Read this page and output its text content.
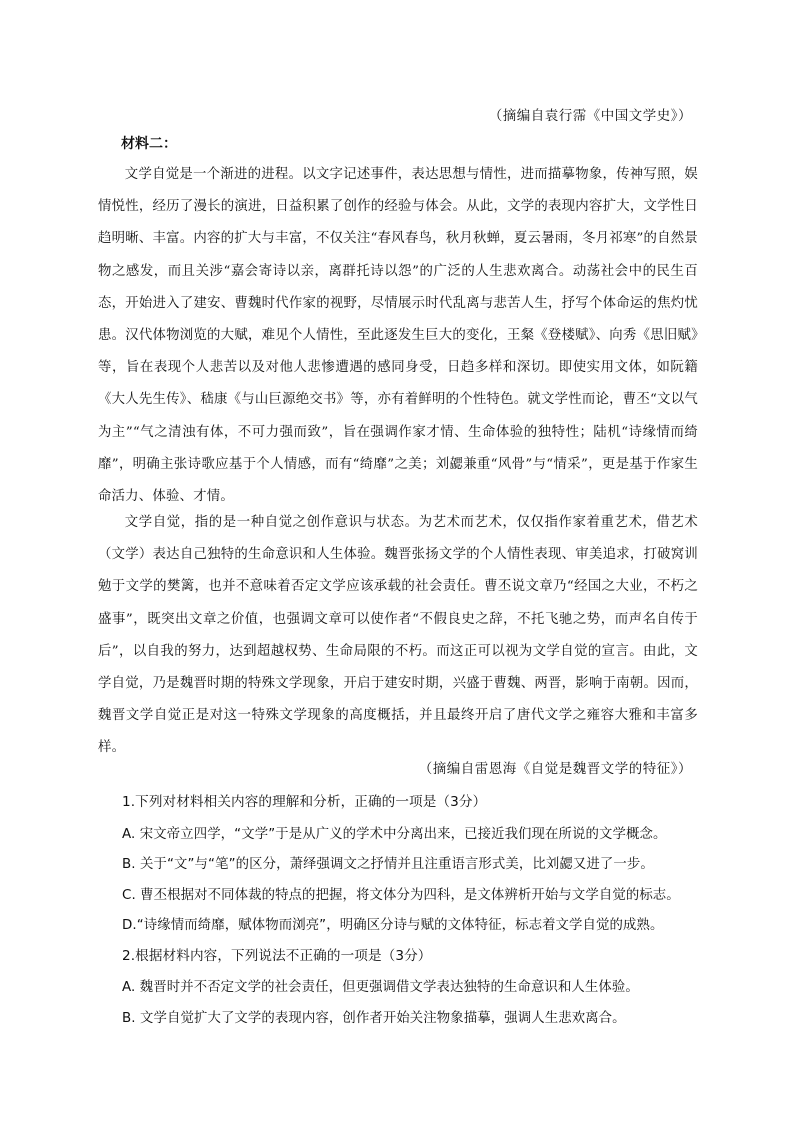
（摘编自袁行霈《中国文学史》）
材料二：

文学自觉是一个渐进的进程。以文字记述事件，表达思想与情性，进而描摹物象，传神写照，娱情悦性，经历了漫长的演进，日益积累了创作的经验与体会。从此，文学的表现内容扩大，文学性日趋明晰、丰富。内容的扩大与丰富，不仅关注“春风春鸟，秋月秋蝉，夏云暑雨，冬月祁寒”的自然景物之感发，而且关涉“嘉会寄诗以亲，离群托诗以怨”的广泛的人生悲欢离合。动荡社会中的民生百态，开始进入了建安、曹魏时代作家的视野，尽情展示时代乱离与悲苦人生，抒写个体命运的焦灼忧患。汉代体物浏览的大赋，难见个人情性，至此逐发生巨大的变化，王粲《登楼赋》、向秀《思旧赋》等，旨在表现个人悲苦以及对他人悲惨遭遇的感同身受，日趋多样和深切。即使实用文体，如阮籍《大人先生传》、嵇康《与山巨源绝交书》等，亦有着鲜明的个性特色。就文学性而论，曹丕“文以气为主”“气之清浊有体，不可力强而致”，旨在强调作家才情、生命体验的独特性；陆机“诗缘情而绮靡”，明确主张诗歌应基于个人情感，而有“绮靡”之美；刘勰兼重“风骨”与“情采”，更是基于作家生命活力、体验、才情。

文学自觉，指的是一种自觉之创作意识与状态。为艺术而艺术，仅仅指作家着重艺术，借艺术（文学）表达自己独特的生命意识和人生体验。魏晋张扬文学的个人情性表现、审美追求，打破窝训勉于文学的樊篱，也并不意味着否定文学应该承载的社会责任。曹丕说文章乃“经国之大业，不朽之盛事”，既突出文章之价值，也强调文章可以使作者“不假良史之辞，不托飞驰之势，而声名自传于后”，以自我的努力，达到超越权势、生命局限的不朽。而这正可以视为文学自觉的宣言。由此，文学自觉，乃是魏晋时期的特殊文学现象，开启于建安时期，兴盛于曹魏、两晋，影响于南朝。因而，魏晋文学自觉正是对这一特殊文学现象的高度概括，并且最终开启了唐代文学之雍容大雅和丰富多样。

（摘编自雷恩海《自觉是魏晋文学的特征》）
1.下列对材料相关内容的理解和分析，正确的一项是（3分）
A. 宋文帝立四学，“文学”于是从广义的学术中分离出来，已接近我们现在所说的文学概念。
B. 关于“文”与“笔”的区分，萧绎强调文之抒情并且注重语言形式美，比刘勰又进了一步。
C. 曹丕根据对不同体裁的特点的把握，将文体分为四科，是文体辨析开始与文学自觉的标志。
D.“诗缘情而绮靡，赋体物而浏亮”，明确区分诗与赋的文体特征，标志着文学自觉的成熟。
2.根据材料内容，下列说法不正确的一项是（3分）
A. 魏晋时并不否定文学的社会责任，但更强调借文学表达独特的生命意识和人生体验。
B. 文学自觉扩大了文学的表现内容，创作者开始关注物象描摹，强调人生悲欢离合。
